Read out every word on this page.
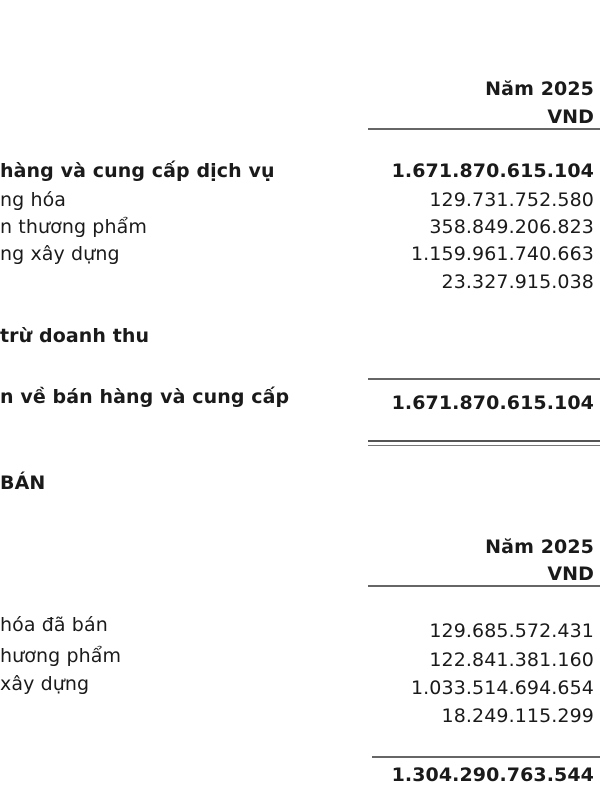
Năm 2025
VND
hàng và cung cấp dịch vụ	1.671.870.615.104
ng hóa	129.731.752.580
n thương phẩm	358.849.206.823
ng xây dựng	1.159.961.740.663
23.327.915.038
trừ doanh thu
n về bán hàng và cung cấp	1.671.870.615.104
BÁN
Năm 2025
VND
hóa đã bán	129.685.572.431
hương phẩm	122.841.381.160
xây dựng	1.033.514.694.654
18.249.115.299
1.304.290.763.544
